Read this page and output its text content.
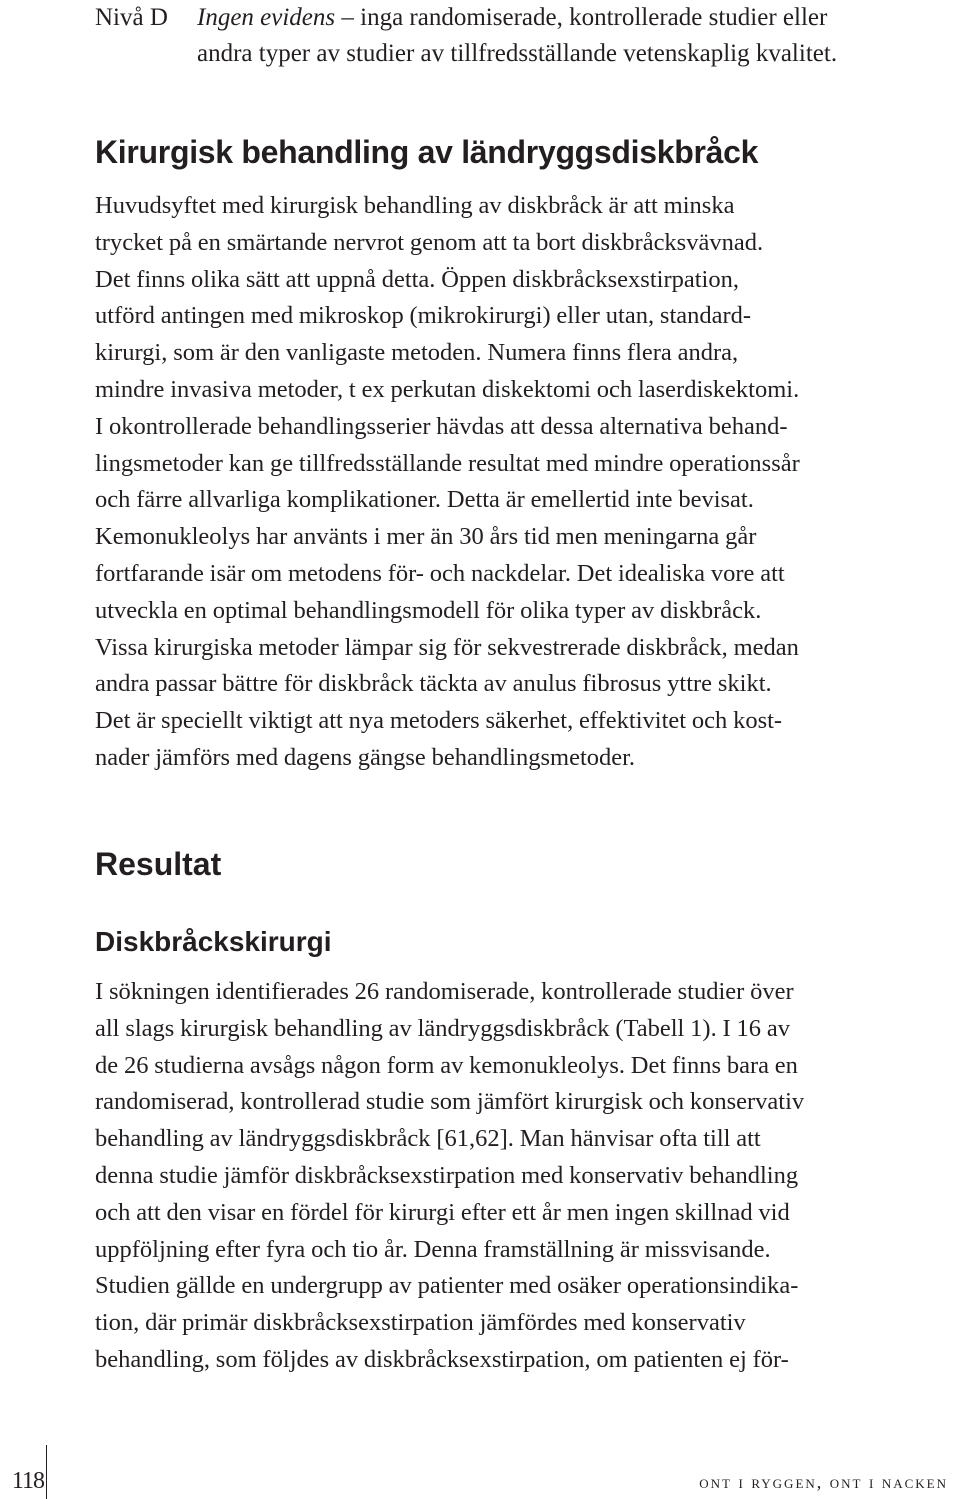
Nivå D Ingen evidens – inga randomiserade, kontrollerade studier eller

andra typer av studier av tillfredsställande vetenskaplig kvalitet.

Kirurgisk behandling av ländryggsdiskbråck
Huvudsyftet med kirurgisk behandling av diskbråck är att minska
trycket på en smärtande nervrot genom att ta bort diskbråcksvävnad.
Det finns olika sätt att uppnå detta. Öppen diskbråcksexstirpation,
utförd antingen med mikroskop (mikrokirurgi) eller utan, standard-
kirurgi, som är den vanligaste metoden. Numera finns flera andra,
mindre invasiva metoder, t ex perkutan diskektomi och laserdiskektomi.
I okontrollerade behandlingsserier hävdas att dessa alternativa behand-
lingsmetoder kan ge tillfredsställande resultat med mindre operationssår
och färre allvarliga komplikationer. Detta är emellertid inte bevisat.
Kemonukleolys har använts i mer än 30 års tid men meningarna går
fortfarande isär om metodens för- och nackdelar. Det idealiska vore att
utveckla en optimal behandlingsmodell för olika typer av diskbråck.
Vissa kirurgiska metoder lämpar sig för sekvestrerade diskbråck, medan
andra passar bättre för diskbråck täckta av anulus fibrosus yttre skikt.
Det är speciellt viktigt att nya metoders säkerhet, effektivitet och kost-
nader jämförs med dagens gängse behandlingsmetoder.
Resultat
Diskbråckskirurgi
I sökningen identifierades 26 randomiserade, kontrollerade studier över
all slags kirurgisk behandling av ländryggsdiskbråck (Tabell 1). I 16 av
de 26 studierna avsågs någon form av kemonukleolys. Det finns bara en
randomiserad, kontrollerad studie som jämfört kirurgisk och konservativ
behandling av ländryggsdiskbråck [61,62]. Man hänvisar ofta till att
denna studie jämför diskbråcksexstirpation med konservativ behandling
och att den visar en fördel för kirurgi efter ett år men ingen skillnad vid
uppföljning efter fyra och tio år. Denna framställning är missvisande.
Studien gällde en undergrupp av patienter med osäker operationsindika-
tion, där primär diskbråcksexstirpation jämfördes med konservativ
behandling, som följdes av diskbråcksexstirpation, om patienten ej för-
118	ont i ryggen, ont i nacken
